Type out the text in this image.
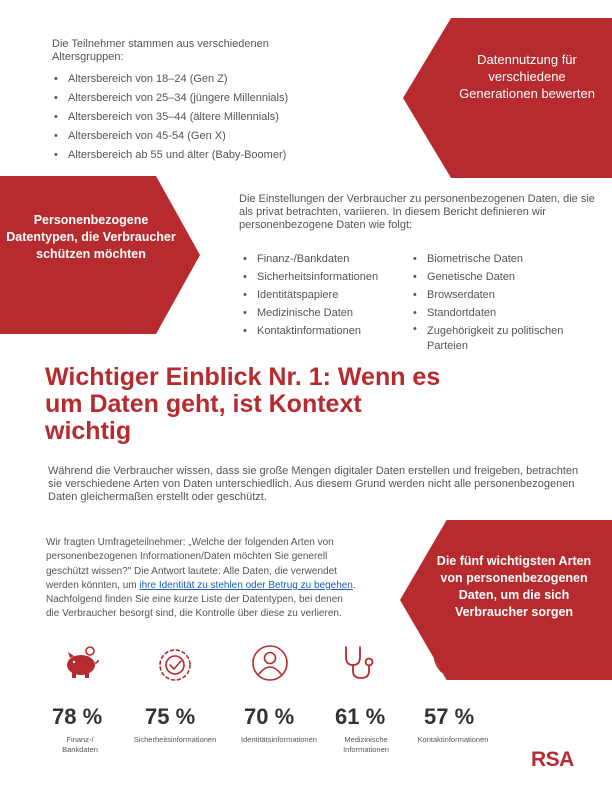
Die Teilnehmer stammen aus verschiedenen Altersgruppen:
• Altersbereich von 18–24 (Gen Z)
• Altersbereich von 25–34 (jüngere Millennials)
• Altersbereich von 35–44 (ältere Millennials)
• Altersbereich von 45-54 (Gen X)
• Altersbereich ab 55 und älter (Baby-Boomer)
Datennutzung für verschiedene Generationen bewerten
Personenbezogene Datentypen, die Verbraucher schützen möchten
Die fünf wichtigsten Arten von personenbezogenen Daten, um die sich Verbraucher sorgen
Die Einstellungen der Verbraucher zu personenbezogenen Daten, die sie als privat betrachten, variieren. In diesem Bericht definieren wir personenbezogene Daten wie folgt:
• Finanz-/Bankdaten
• Sicherheitsinformationen
• Identitätspapiere
• Medizinische Daten
• Kontaktinformationen
• Biometrische Daten
• Genetische Daten
• Browserdaten
• Standortdaten
• Zugehörigkeit zu politischen Parteien
Wichtiger Einblick Nr. 1: Wenn es um Daten geht, ist Kontext wichtig

Während die Verbraucher wissen, dass sie große Mengen digitaler Daten erstellen und freigeben, betrachten sie verschiedene Arten von Daten unterschiedlich. Aus diesem Grund werden nicht alle personenbezogenen Daten gleichermaßen erstellt oder geschützt.

Wir fragten Umfrageteilnehmer: „Welche der folgenden Arten von personenbezogenen Informationen/Daten möchten Sie generell geschützt wissen?" Die Antwort lautete: Alle Daten, die verwendet werden könnten, um ihre Identität zu stehlen oder Betrug zu begehen. Nachfolgend finden Sie eine kurze Liste der Datentypen, bei denen die Verbraucher besorgt sind, die Kontrolle über diese zu verlieren.

78 % 75 % 70 % 61 % 57 %
Finanz-/
Bankdaten
Sicherheitsinformationen	Identitätsinformationen	Medizinische
Informationen
Kontaktinformationen
RSA
